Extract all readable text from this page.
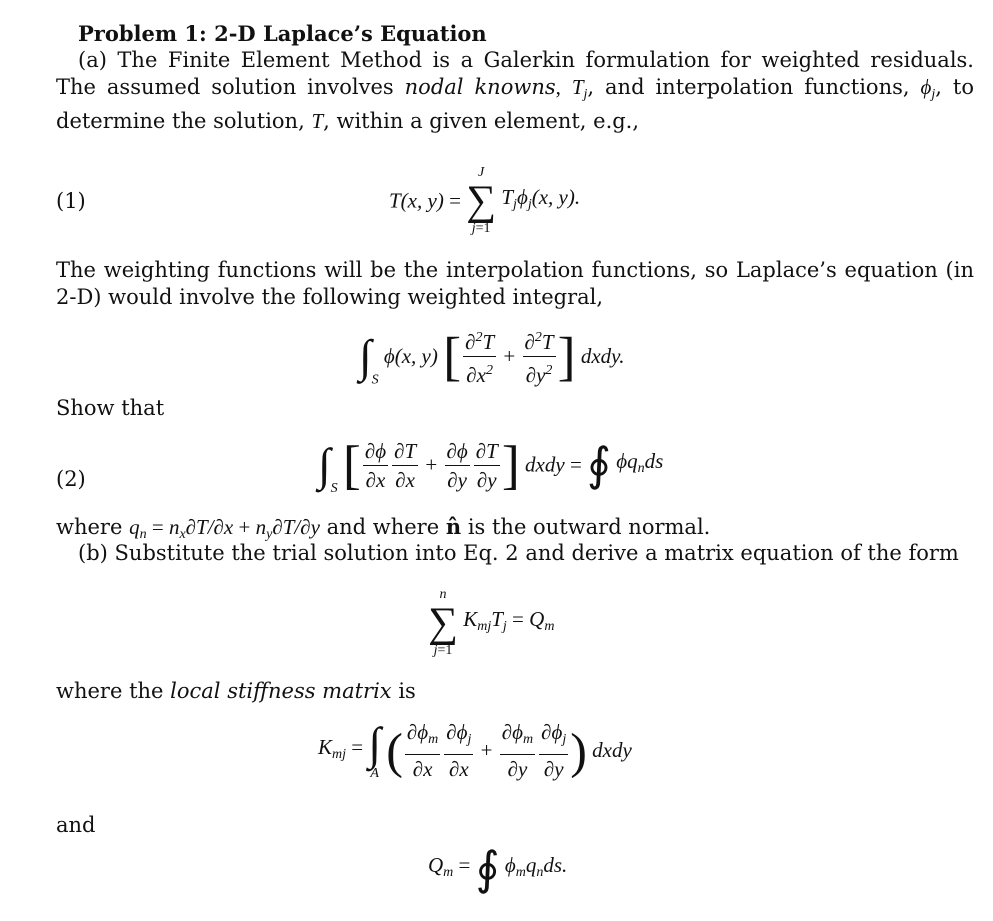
Problem 1: 2-D Laplace’s Equation
(a) The Finite Element Method is a Galerkin formulation for weighted residuals. The assumed solution involves nodal knowns, $T_j$, and interpolation functions, $\phi_j$, to determine the solution, T, within a given element, e.g.,
(1)	T(x, y) =
J
∑
j=1
$T_j\phi_j(x$, y).
The weighting functions will be the interpolation functions, so Laplace’s equation (in 2-D) would involve the following weighted integral,
$\int_S$ ϕ(x, y) [ $\frac{\partial^2T}{\partial x^2} + \frac{\partial^2T}{\partial y^2}$ ] dxdy.
Show that
(2)	$\int_S$ [ $\frac{\partial\phi}{\partial x} \frac{\partial T}{\partial x} + \frac{\partial\phi}{\partial y} \frac{\partial T}{\partial y}$ ] dxdy = ∮ $\phi q_nds$
where $q_n = n_x\partial T/\partial x + n_y\partial T/\partial y$ and where n̂ is the outward normal.
(b) Substitute the trial solution into Eq. 2 and derive a matrix equation of the form
n
∑
j=1
$K_{mj}T_j = Q_m$
where the local stiffness matrix is
$K_{mj}$ = ∫
A ( $\frac{\partial\phi_m}{\partial x} \frac{\partial\phi_j}{\partial x} + \frac{\partial\phi_m}{\partial y} \frac{\partial\phi_j}{\partial y}$ ) dxdy
and
$Q_m$ = ∮ $\phi_mq_nds$.
